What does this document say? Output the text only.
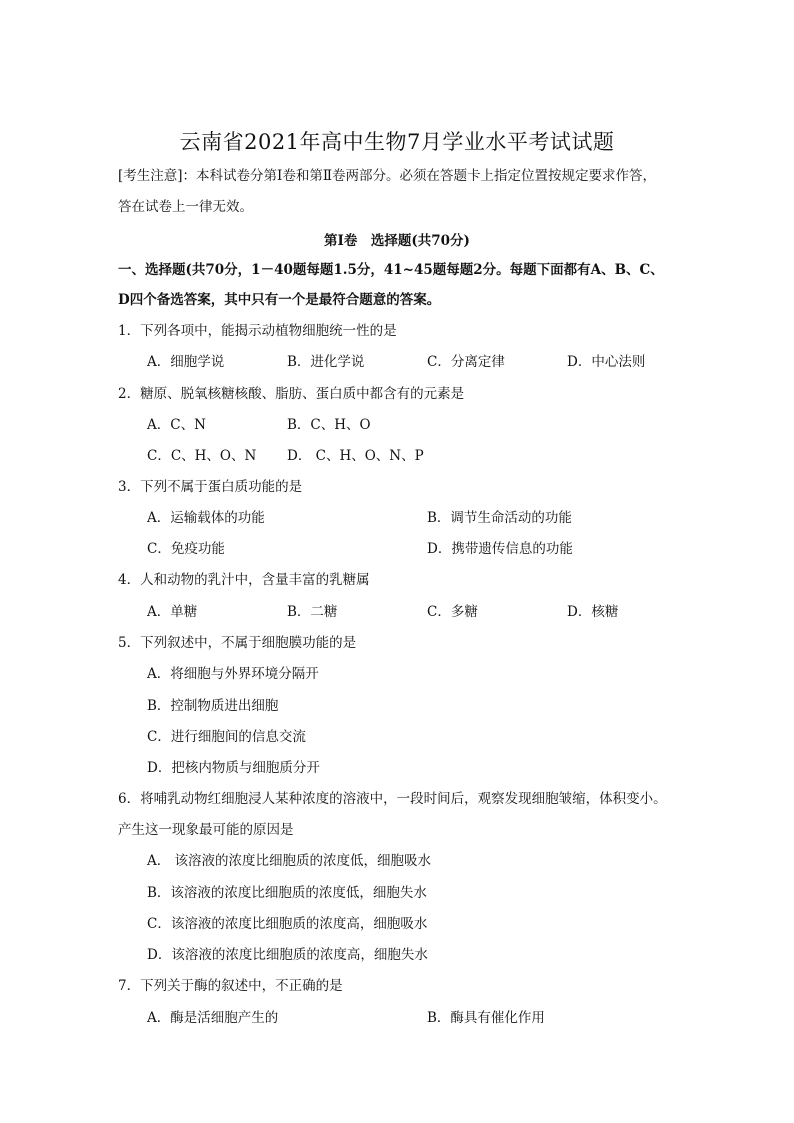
云南省2021年高中生物7月学业水平考试试题
[考生注意]：本科试卷分第Ⅰ卷和第Ⅱ卷两部分。必须在答题卡上指定位置按规定要求作答，
答在试卷上一律无效。
第Ⅰ卷　选择题(共70分)
一、选择题(共70分，1－40题每题1.5分，41~45题每题2分。每题下面都有A、B、C、
D四个备选答案，其中只有一个是最符合题意的答案。
1．下列各项中，能揭示动植物细胞统一性的是
A．细胞学说	B．进化学说	C．分离定律	D．中心法则
2．糖原、脱氧核糖核酸、脂肪、蛋白质中都含有的元素是
A．C、N	B．C、H、O
C．C、H、O、N D． C、H、O、N、P
3．下列不属于蛋白质功能的是
A．运输载体的功能	B．调节生命活动的功能
C．免疫功能	D．携带遗传信息的功能
4．人和动物的乳汁中，含量丰富的乳糖属
A．单糖	B．二糖	C．多糖	D．核糖
5．下列叙述中，不属于细胞膜功能的是
A．将细胞与外界环境分隔开
B．控制物质进出细胞
C．进行细胞间的信息交流
D．把核内物质与细胞质分开
6．将哺乳动物红细胞浸人某种浓度的溶液中，一段时间后，观察发现细胞皱缩，体积变小。
产生这一现象最可能的原因是
A． 该溶液的浓度比细胞质的浓度低，细胞吸水
B．该溶液的浓度比细胞质的浓度低，细胞失水
C．该溶液的浓度比细胞质的浓度高，细胞吸水
D．该溶液的浓度比细胞质的浓度高，细胞失水
7．下列关于酶的叙述中，不正确的是
A．酶是活细胞产生的	B．酶具有催化作用
